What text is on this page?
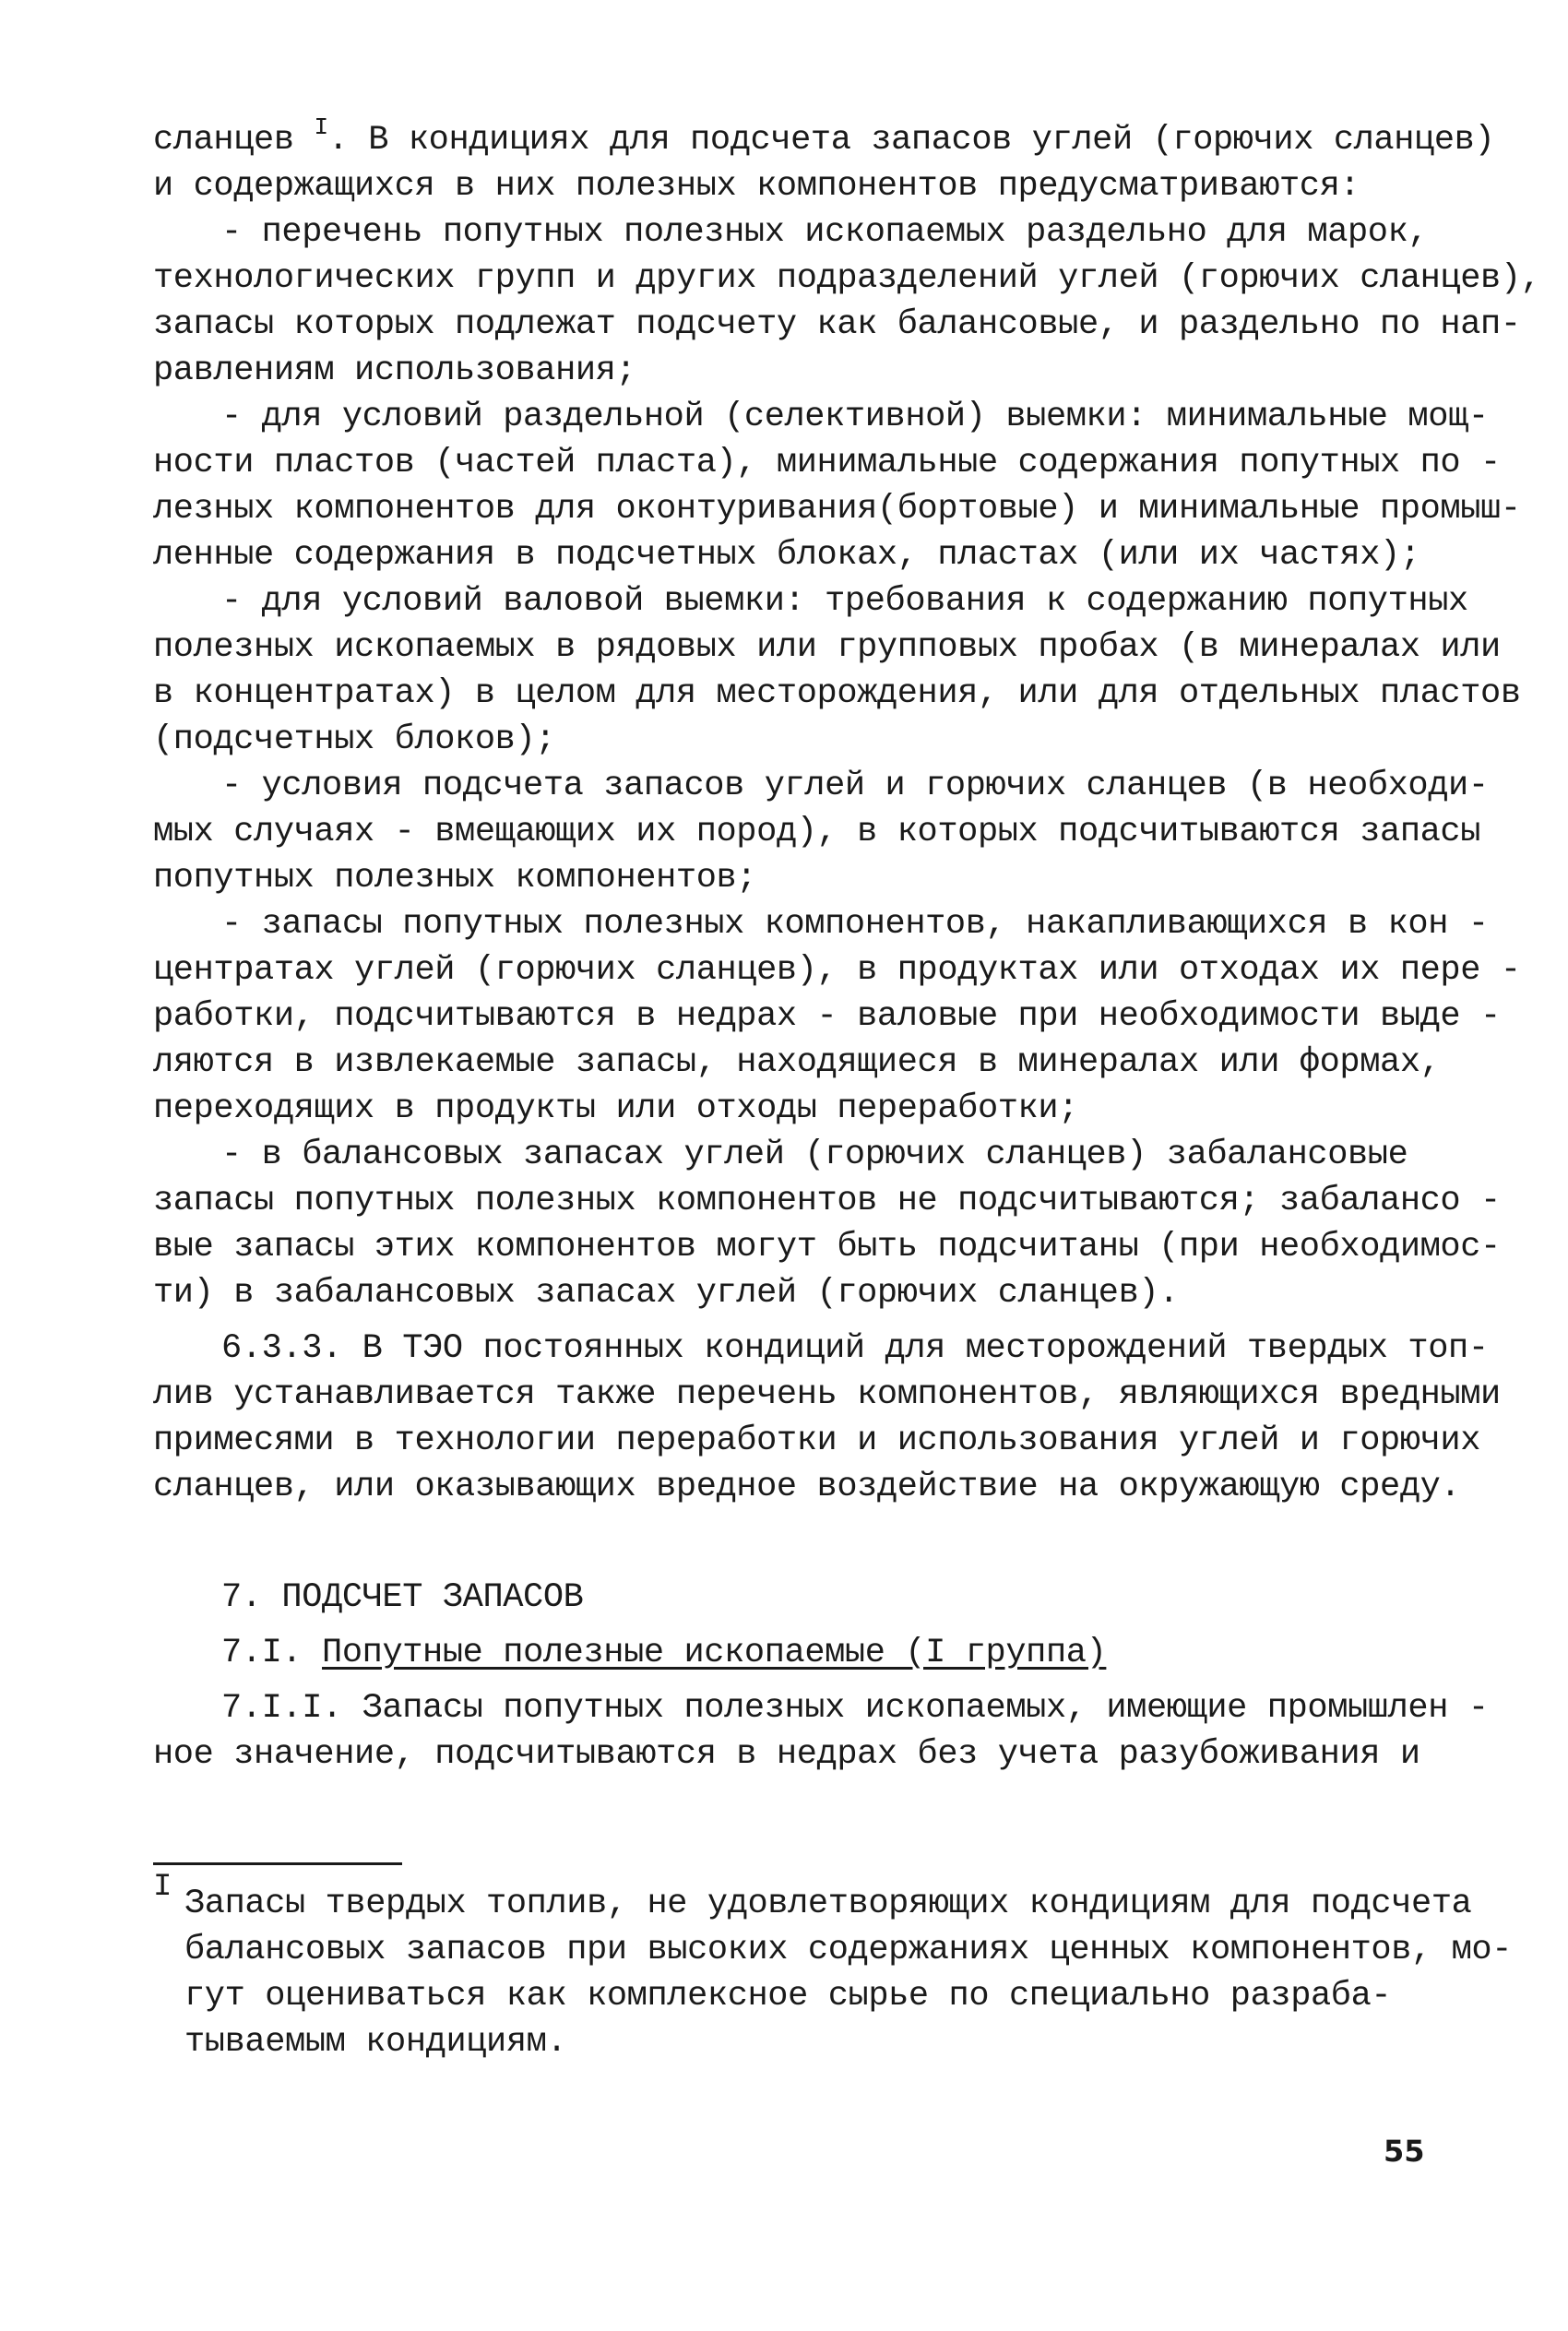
сланцев $^I$. В кондициях для подсчета запасов углей (горючих сланцев)
и содержащихся в них полезных компонентов предусматриваются:
- перечень попутных полезных ископаемых раздельно для марок,
технологических групп и других подразделений углей (горючих сланцев),
запасы которых подлежат подсчету как балансовые, и раздельно по нап-
равлениям использования;
- для условий раздельной (селективной) выемки: минимальные мощ-
ности пластов (частей пласта), минимальные содержания попутных по -
лезных компонентов для оконтуривания(бортовые) и минимальные промыш-
ленные содержания в подсчетных блоках, пластах (или их частях);
- для условий валовой выемки: требования к содержанию попутных
полезных ископаемых в рядовых или групповых пробах (в минералах или
в концентратах) в целом для месторождения, или для отдельных пластов
(подсчетных блоков);
- условия подсчета запасов углей и горючих сланцев (в необходи-
мых случаях - вмещающих их пород), в которых подсчитываются запасы
попутных полезных компонентов;
- запасы попутных полезных компонентов, накапливающихся в кон -
центратах углей (горючих сланцев), в продуктах или отходах их пере -
работки, подсчитываются в недрах - валовые при необходимости выде -
ляются в извлекаемые запасы, находящиеся в минералах или формах,
переходящих в продукты или отходы переработки;
- в балансовых запасах углей (горючих сланцев) забалансовые
запасы попутных полезных компонентов не подсчитываются; забалансо -
вые запасы этих компонентов могут быть подсчитаны (при необходимос-
ти) в забалансовых запасах углей (горючих сланцев).
6.3.3. В ТЭО постоянных кондиций для месторождений твердых топ-
лив устанавливается также перечень компонентов, являющихся вредными
примесями в технологии переработки и использования углей и горючих
сланцев, или оказывающих вредное воздействие на окружающую среду.
7. ПОДСЧЕТ ЗАПАСОВ
7.I. Попутные полезные ископаемые (I группа)
7.I.I. Запасы попутных полезных ископаемых, имеющие промышлен -
ное значение, подсчитываются в недрах без учета разубоживания и
I Запасы твердых топлив, не удовлетворяющих кондициям для подсчета
балансовых запасов при высоких содержаниях ценных компонентов, мо-
гут оцениваться как комплексное сырье по специально разраба-
тываемым кондициям.
55
